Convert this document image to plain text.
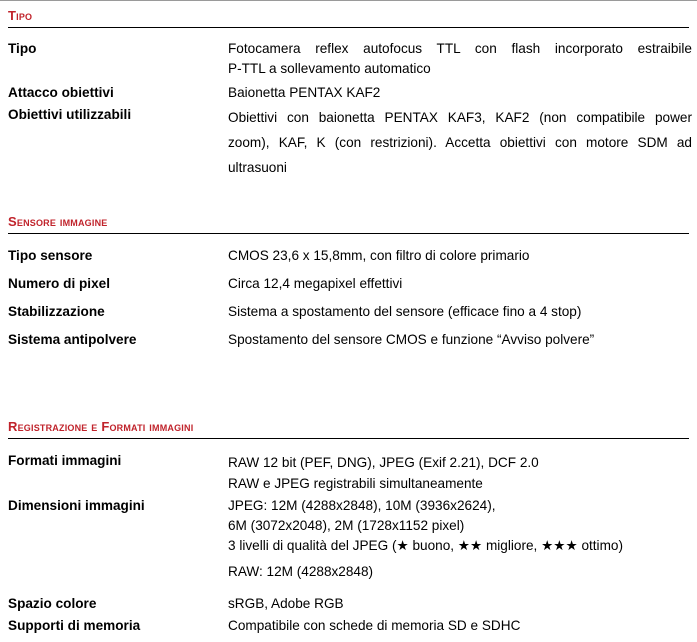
Tipo
Tipo	Fotocamera reflex autofocus TTL con flash incorporato estraibile
P-TTL a sollevamento automatico
Attacco obiettivi	Baionetta PENTAX KAF2
Obiettivi utilizzabili	Obiettivi con baionetta PENTAX KAF3, KAF2 (non compatibile power
zoom), KAF, K (con restrizioni). Accetta obiettivi con motore SDM ad
ultrasuoni
Sensore immagine
Tipo sensore	CMOS 23,6 x 15,8mm, con filtro di colore primario
Numero di pixel	Circa 12,4 megapixel effettivi
Stabilizzazione	Sistema a spostamento del sensore (efficace fino a 4 stop)
Sistema antipolvere	Spostamento del sensore CMOS e funzione “Avviso polvere”
Registrazione e Formati immagini
Formati immagini	RAW 12 bit (PEF, DNG), JPEG (Exif 2.21), DCF 2.0
RAW e JPEG registrabili simultaneamente
Dimensioni immagini	JPEG: 12M (4288x2848), 10M (3936x2624),
6M (3072x2048), 2M (1728x1152 pixel)
3 livelli di qualità del JPEG (★ buono, ★★ migliore, ★★★ ottimo)
RAW: 12M (4288x2848)
Spazio colore	sRGB, Adobe RGB
Supporti di memoria	Compatibile con schede di memoria SD e SDHC
